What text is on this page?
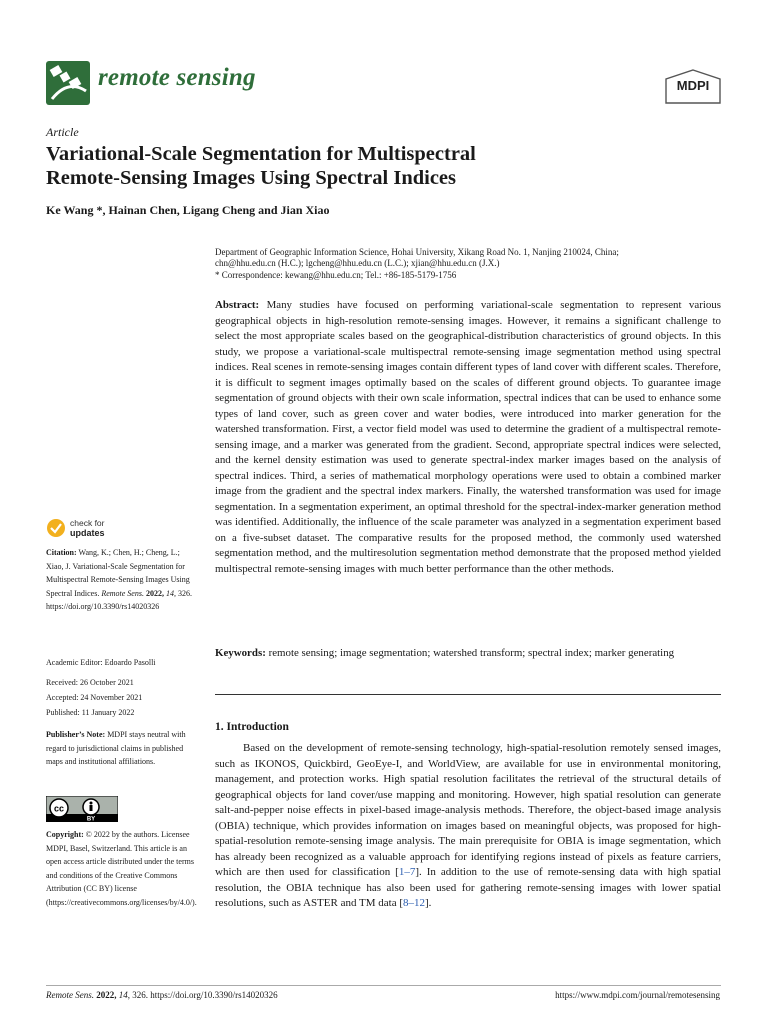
remote sensing	MDPI
Article
Variational-Scale Segmentation for Multispectral
Remote-Sensing Images Using Spectral Indices
Ke Wang *, Hainan Chen, Ligang Cheng and Jian Xiao
Department of Geographic Information Science, Hohai University, Xikang Road No. 1, Nanjing 210024, China;
chn@hhu.edu.cn (H.C.); lgcheng@hhu.edu.cn (L.C.); xjian@hhu.edu.cn (J.X.)
* Correspondence: kewang@hhu.edu.cn; Tel.: +86-185-5179-1756
Abstract: Many studies have focused on performing variational-scale segmentation to represent various geographical objects in high-resolution remote-sensing images. However, it remains a significant challenge to select the most appropriate scales based on the geographical-distribution characteristics of ground objects. In this study, we propose a variational-scale multispectral remote-sensing image segmentation method using spectral indices. Real scenes in remote-sensing images contain different types of land cover with different scales. Therefore, it is difficult to segment images optimally based on the scales of different ground objects. To guarantee image segmentation of ground objects with their own scale information, spectral indices that can be used to enhance some types of land cover, such as green cover and water bodies, were introduced into marker generation for the watershed transformation. First, a vector field model was used to determine the gradient of a multispectral remote-sensing image, and a marker was generated from the gradient. Second, appropriate spectral indices were selected, and the kernel density estimation was used to generate spectral-index marker images based on the analysis of spectral indices. Third, a series of mathematical morphology operations were used to obtain a combined marker image from the gradient and the spectral index markers. Finally, the watershed transformation was used for image segmentation. In a segmentation experiment, an optimal threshold for the spectral-index-marker generation method was identified. Additionally, the influence of the scale parameter was analyzed in a segmentation experiment based on a five-subset dataset. The comparative results for the proposed method, the commonly used watershed segmentation method, and the multiresolution segmentation method demonstrate that the proposed method yielded multispectral remote-sensing images with much better performance than the other methods.
Keywords: remote sensing; image segmentation; watershed transform; spectral index; marker generating
1. Introduction
Based on the development of remote-sensing technology, high-spatial-resolution remotely sensed images, such as IKONOS, Quickbird, GeoEye-I, and WorldView, are available for use in environmental monitoring, management, and protection works. High spatial resolution facilitates the retrieval of the structural details of geographical objects for land cover/use mapping and monitoring. However, high spatial resolution can generate salt-and-pepper noise effects in pixel-based image-analysis methods. Therefore, the object-based image analysis (OBIA) technique, which provides information on images based on meaningful objects, was proposed for high-spatial-resolution remote-sensing image analysis. The main prerequisite for OBIA is image segmentation, which has already been recognized as a valuable approach for identifying regions instead of pixels as feature carriers, which are then used for classification [1–7]. In addition to the use of remote-sensing data with high spatial resolution, the OBIA technique has also been used for gathering remote-sensing images with lower spatial resolutions, such as ASTER and TM data [8–12].
check for
updates
Citation: Wang, K.; Chen, H.; Cheng, L.; Xiao, J. Variational-Scale Segmentation for Multispectral Remote-Sensing Images Using Spectral Indices. Remote Sens. 2022, 14, 326. https://doi.org/10.3390/rs14020326
Academic Editor: Edoardo Pasolli
Received: 26 October 2021
Accepted: 24 November 2021
Published: 11 January 2022
Publisher’s Note: MDPI stays neutral with regard to jurisdictional claims in published maps and institutional affiliations.
cc
BY
Copyright: © 2022 by the authors. Licensee MDPI, Basel, Switzerland. This article is an open access article distributed under the terms and conditions of the Creative Commons Attribution (CC BY) license (https://creativecommons.org/licenses/by/4.0/).
Remote Sens. 2022, 14, 326. https://doi.org/10.3390/rs14020326	https://www.mdpi.com/journal/remotesensing
